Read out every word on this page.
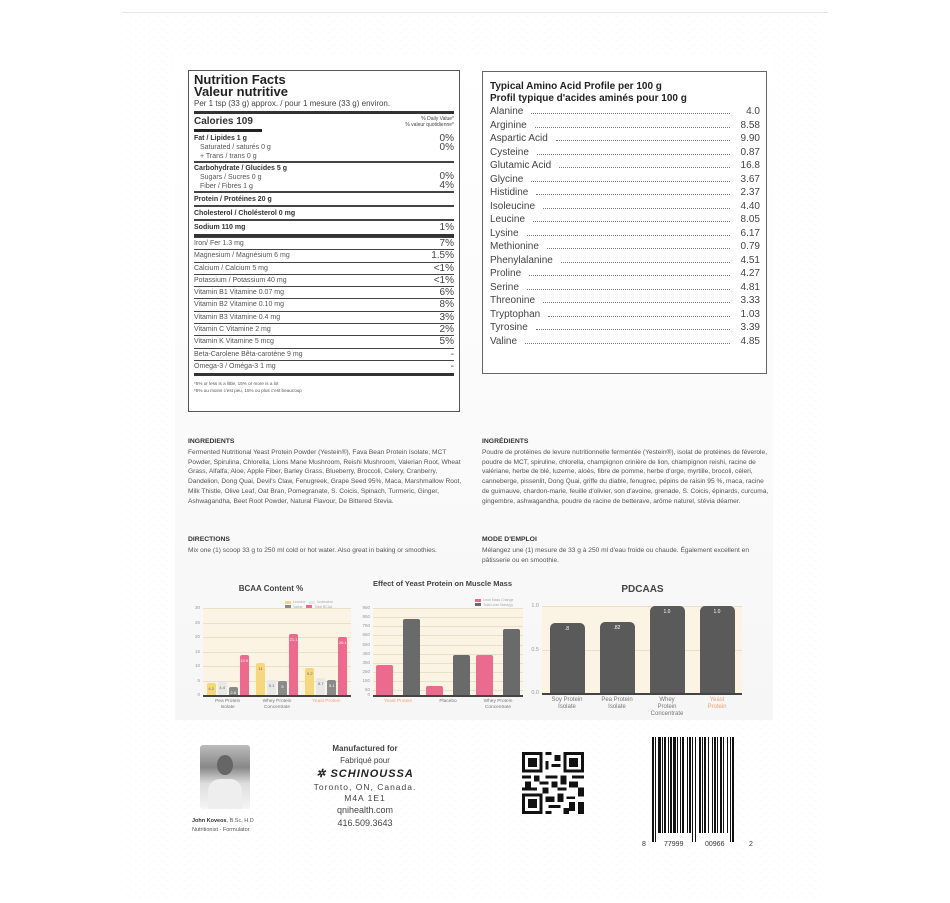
Nutrition Facts
Valeur nutritive
Per 1 tsp (33 g) approx. / pour 1 mesure (33 g) environ.
Calories 109	% Daily Value*
% valeur quotidienne*
Fat / Lipides 1 g	0%
Saturated / saturés 0 g	0%
+ Trans / trans 0 g
Carbohydrate / Glucides 5 g
Sugars / Sucres 0 g	0%
Fiber / Fibres 1 g	4%
Protein / Protéines 20 g
Cholesterol / Cholésterol 0 mg
Sodium 110 mg	1%
Iron/ Fer 1.3 mg	7%
Magnesium / Magnésium 6 mg	1.5%
Calcium / Calcium 5 mg	<1%
Potassium / Potassium 40 mg	<1%
Vitamin B1 Vitamine 0.07 mg	6%
Vitamin B2 Vitamine 0.10 mg	8%
Vitamin B3 Vitamine 0.4 mg	3%
Vitamin C Vitamine 2 mg	2%
Vitamin K Vitamine 5 mcg	5%
Beta-Carolene Bêta-carotène 9 mg	-
Omega-3 / Oméga-3 1 mg	-
*5% or less is a little, 15% or more is a lot
*5% ou moins c'est peu, 15% ou plus c'est beaucoup
Typical Amino Acid Profile per 100 g
Profil typique d'acides aminés pour 100 g
Alanine	4.0
Arginine	8.58
Aspartic Acid	9.90
Cysteine	0.87
Glutamic Acid	16.8
Glycine	3.67
Histidine	2.37
Isoleucine	4.40
Leucine	8.05
Lysine	6.17
Methionine	0.79
Phenylalanine	4.51
Proline	4.27
Serine	4.81
Threonine	3.33
Tryptophan	1.03
Tyrosine	3.39
Valine	4.85
INGREDIENTS
Fermented Nutritional Yeast Protein Powder (Yestein®), Fava Bean Protein Isolate, MCT Powder, Spirulina, Chlorella, Lions Mane Mushroom, Reishi Mushroom, Valerian Root, Wheat Grass, Alfalfa, Aloe, Apple Fiber, Barley Grass, Blueberry, Broccoli, Celery, Cranberry, Dandelion, Dong Quai, Devil's Claw, Fenugreek, Grape Seed 95%, Maca, Marshmallow Root, Milk Thistle, Olive Leaf, Oat Bran, Pomegranate, S. Coicis, Spinach, Turmeric, Ginger, Ashwagandha, Beet Root Powder, Natural Flavour, De Bittered Stevia.
DIRECTIONS
Mix one (1) scoop 33 g to 250 ml cold or hot water. Also great in baking or smoothies.
INGRÉDIENTS
Poudre de protéines de levure nutritionnelle fermentée (Yestein®), isolat de protéines de féverole, poudre de MCT, spiruline, chlorella, champignon crinière de lion, champignon reishi, racine de valériane, herbe de blé, luzerne, aloès, fibre de pomme, herbe d'orge, myrtille, brocoli, céleri, canneberge, pissenlit, Dong Quai, griffe du diable, fenugrec, pépins de raisin 95 %, maca, racine de guimauve, chardon-marie, feuille d'olivier, son d'avoine, grenade, S. Coicis, épinards, curcuma, gingembre, ashwagandha, poudre de racine de betterave, arôme naturel, stévia déamer.
MODE D'EMPLOI
Mélangez une (1) mesure de 33 g à 250 ml d'eau froide ou chaude. Également excellent en pâtisserie ou en smoothie.
BCAA Content %
4.2	4.4
2.8
13.9
11
5.1	5
21.1
9.2
5.7	5.1
20.1
0
5
10
15
20
25
30
Pea Protein Isolate
Whey Protein Concentrate
Yeast Protein
Leucine	Isoleucine
Valine	Total BCAA
Effect of Yeast Protein on Muscle Mass
0
50
150
250
350
450
550
650
750
850
950
Yeast Protein	Placebo	Whey Protein Concentrate
Lean Mass Change
Total Lean Mass(g)
PDCAAS
.8	.82
1.0	1.0
0.0
0.5
1.0
Soy Protein Isolate
Pea Protein Isolate
Whey Protein Concentrate
Yeast Protein
John Koveos, B.Sc, H.D
Nutritionist - Formulator
Manufactured for
Fabriqué pour
✲ SCHINOUSSA
Toronto, ON, Canada.
M4A 1E1
qnihealth.com
416.509.3643
8	77999	00966	2
